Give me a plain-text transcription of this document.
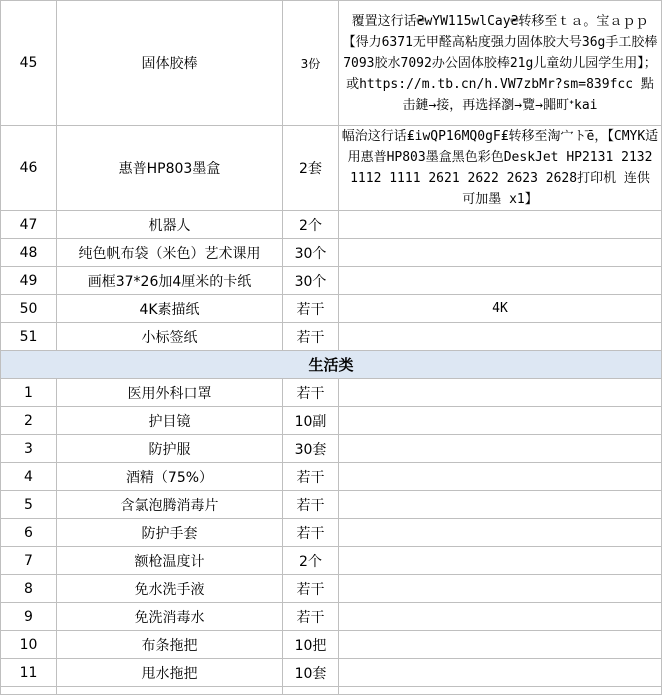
45	固体胶棒	3份	覆置这行话₴wYW115wlCay₴转移至ｔａ。宝ａｐｐ【得力6371无甲醛高粘度强力固体胶大号36g手工胶棒7093胶水7092办公固体胶棒21g儿童幼儿园学生用】；或https://m.tb.cn/h.VW7zbMr?sm=839fcc 點击鏈→接，再选择瀏→覽→嘂町ᐩkai
46	惠普HP803墨盒	2套	幅治这行话₤iwQP16MQ0gF₤转移至淘宀ト̄ē，【CMYK适用惠普HP803墨盒黑色彩色DeskJet HP2131 2132 1112 1111 2621 2622 2623 2628打印机 连供 可加墨 x1】
47	机器人	2个	
48	纯色帆布袋（米色）艺术课用	30个	
49	画框37*26加4厘米的卡纸	30个	
50	4K素描纸	若干	4K
51	小标签纸	若干	
生活类			
1	医用外科口罩	若干	
2	护目镜	10副	
3	防护服	30套	
4	酒精（75%）	若干	
5	含氯泡腾消毒片	若干	
6	防护手套	若干	
7	额枪温度计	2个	
8	免水洗手液	若干	
9	免洗消毒水	若干	
10	布条拖把	10把	
11	甩水拖把	10套	
